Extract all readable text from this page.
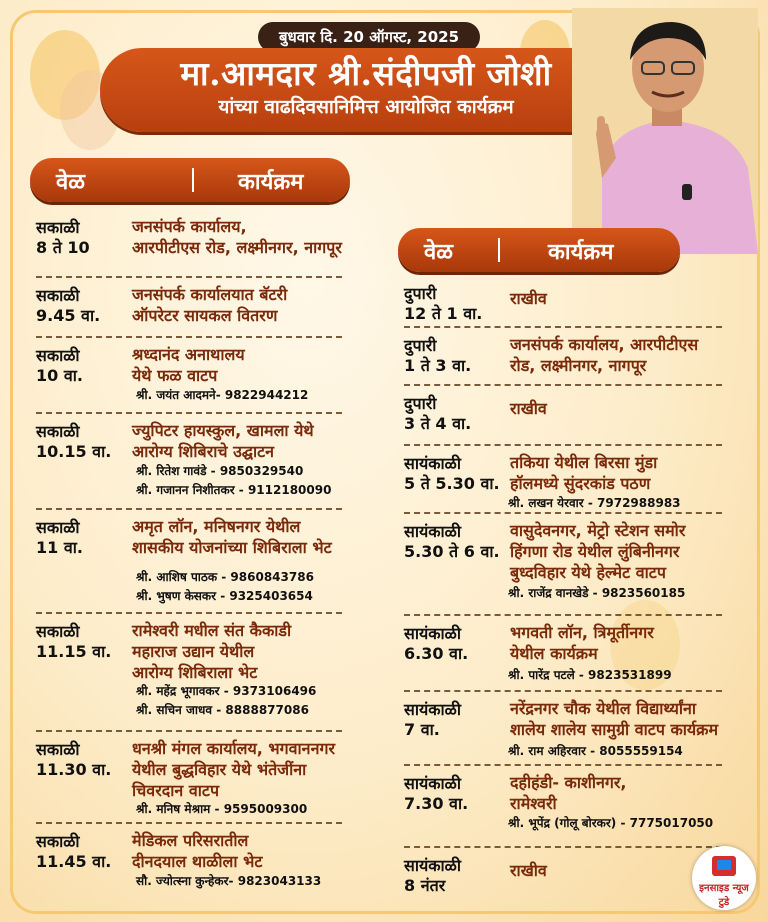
बुधवार दि. 20 ऑगस्ट, 2025
मा.आमदार श्री.संदीपजी जोशी
यांच्या वाढदिवसानिमित्त आयोजित कार्यक्रम
वेळ	कार्यक्रम
वेळ	कार्यक्रम
सकाळी
8 ते 10
जनसंपर्क कार्यालय,
आरपीटीएस रोड, लक्ष्मीनगर, नागपूर
सकाळी
9.45 वा.
जनसंपर्क कार्यालयात बॅटरी
ऑपरेटर सायकल वितरण
सकाळी
10 वा.
श्रध्दानंद अनाथालय
येथे फळ वाटप
श्री. जयंत आदमने- 9822944212
सकाळी
10.15 वा.
ज्युपिटर हायस्कुल, खामला येथे
आरोग्य शिबिराचे उद्घाटन
श्री. रितेश गावंडे - 9850329540
श्री. गजानन निशीतकर - 9112180090
सकाळी
11 वा.
अमृत लॉन, मनिषनगर येथील
शासकीय योजनांच्या शिबिराला भेट
श्री. आशिष पाठक - 9860843786
श्री. भुषण केसकर - 9325403654
सकाळी
11.15 वा.
रामेश्वरी मधील संत कैकाडी
महाराज उद्यान येथील
आरोग्य शिबिराला भेट
श्री. महेंद्र भूगावकर - 9373106496
श्री. सचिन जाधव - 8888877086
सकाळी
11.30 वा.
धनश्री मंगल कार्यालय, भगवाननगर
येथील बुद्धविहार येथे भंतेजींना
चिवरदान वाटप
श्री. मनिष मेश्राम - 9595009300
सकाळी
11.45 वा.
मेडिकल परिसरातील
दीनदयाल थाळीला भेट
सौ. ज्योत्स्ना कुन्हेकर- 9823043133
दुपारी
12 ते 1 वा.
राखीव
दुपारी
1 ते 3 वा.
जनसंपर्क कार्यालय, आरपीटीएस
रोड, लक्ष्मीनगर, नागपूर
दुपारी
3 ते 4 वा.
राखीव
सायंकाळी
5 ते 5.30 वा.
तकिया येथील बिरसा मुंडा
हॉलमध्ये सुंदरकांड पठण
श्री. लखन येरवार - 7972988983
सायंकाळी
5.30 ते 6 वा.
वासुदेवनगर, मेट्रो स्टेशन समोर
हिंगणा रोड येथील लुंबिनीनगर
बुध्दविहार येथे हेल्मेट वाटप
श्री. राजेंद्र वानखेडे - 9823560185
सायंकाळी
6.30 वा.
भगवती लॉन, त्रिमूर्तीनगर
येथील कार्यक्रम
श्री. पारेंद्र पटले - 9823531899
सायंकाळी
7 वा.
नरेंद्रनगर चौक येथील विद्यार्थ्यांना
शालेय शालेय सामुग्री वाटप कार्यक्रम
श्री. राम अहिरवार - 8055559154
सायंकाळी
7.30 वा.
दहीहंडी- काशीनगर,
रामेश्वरी
श्री. भूपेंद्र (गोलू बोरकर) - 7775017050
सायंकाळी
8 नंतर
राखीव
इनसाइड न्यूज टुडे
